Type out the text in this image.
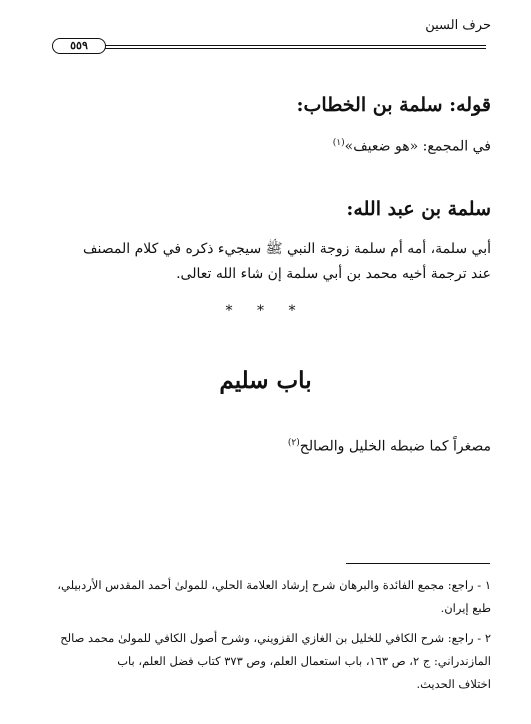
حرف السين
٥٥٩
قوله: سلمة بن الخطاب:
في المجمع: «هو ضعيف»$^{(١)}$
سلمة بن عبد الله:
أبي سلمة، أمه أم سلمة زوجة النبي ﷺ سيجيء ذكره في كلام المصنف
عند ترجمة أخيه محمد بن أبي سلمة إن شاء الله تعالى.
* * *
باب سليم
مصغراً كما ضبطه الخليل والصالح$^{(٢)}$
١ - راجع: مجمع الفائدة والبرهان شرح إرشاد العلامة الحلي، للمولىٰ أحمد المقدس الأردبيلي،
طبع إيران.
٢ - راجع: شرح الكافي للخليل بن الغازي القزويني، وشرح أصول الكافي للمولىٰ محمد صالح
المازندراني: ج ٢، ص ١٦٣، باب استعمال العلم، وص ٣٧٣ كتاب فضل العلم، باب
اختلاف الحديث.
